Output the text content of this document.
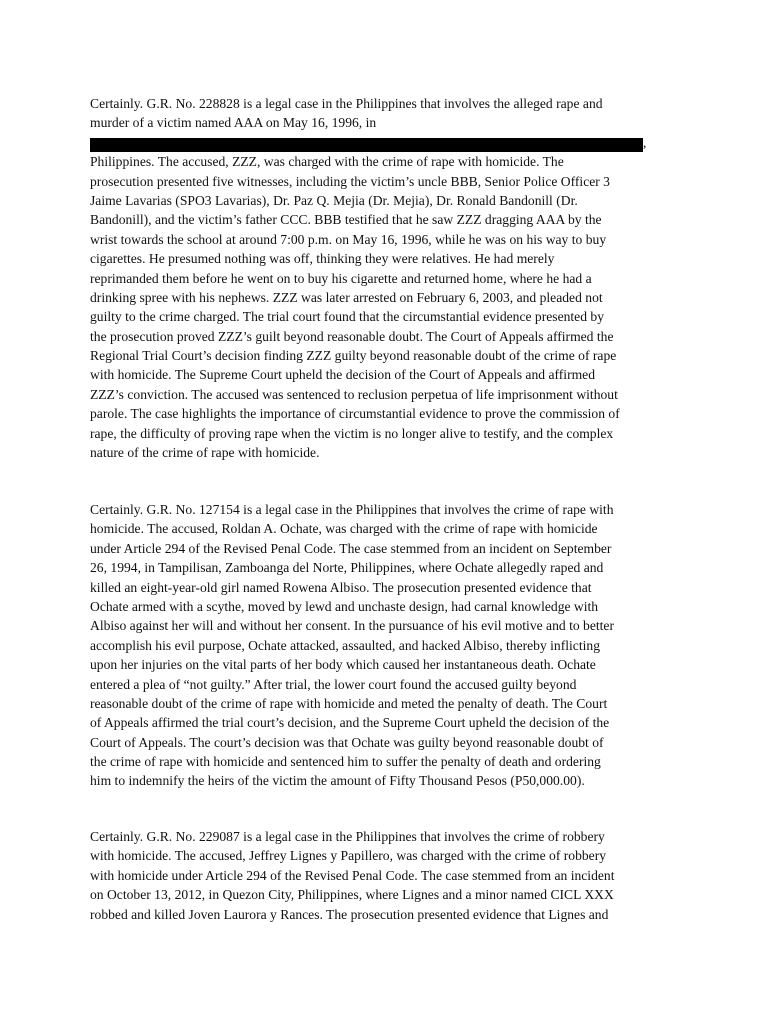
Certainly. G.R. No. 228828 is a legal case in the Philippines that involves the alleged rape and
murder of a victim named AAA on May 16, 1996, in
,
Philippines. The accused, ZZZ, was charged with the crime of rape with homicide. The
prosecution presented five witnesses, including the victim’s uncle BBB, Senior Police Officer 3
Jaime Lavarias (SPO3 Lavarias), Dr. Paz Q. Mejia (Dr. Mejia), Dr. Ronald Bandonill (Dr.
Bandonill), and the victim’s father CCC. BBB testified that he saw ZZZ dragging AAA by the
wrist towards the school at around 7:00 p.m. on May 16, 1996, while he was on his way to buy
cigarettes. He presumed nothing was off, thinking they were relatives. He had merely
reprimanded them before he went on to buy his cigarette and returned home, where he had a
drinking spree with his nephews. ZZZ was later arrested on February 6, 2003, and pleaded not
guilty to the crime charged. The trial court found that the circumstantial evidence presented by
the prosecution proved ZZZ’s guilt beyond reasonable doubt. The Court of Appeals affirmed the
Regional Trial Court’s decision finding ZZZ guilty beyond reasonable doubt of the crime of rape
with homicide. The Supreme Court upheld the decision of the Court of Appeals and affirmed
ZZZ’s conviction. The accused was sentenced to reclusion perpetua of life imprisonment without
parole. The case highlights the importance of circumstantial evidence to prove the commission of
rape, the difficulty of proving rape when the victim is no longer alive to testify, and the complex
nature of the crime of rape with homicide.

Certainly. G.R. No. 127154 is a legal case in the Philippines that involves the crime of rape with
homicide. The accused, Roldan A. Ochate, was charged with the crime of rape with homicide
under Article 294 of the Revised Penal Code. The case stemmed from an incident on September
26, 1994, in Tampilisan, Zamboanga del Norte, Philippines, where Ochate allegedly raped and
killed an eight-year-old girl named Rowena Albiso. The prosecution presented evidence that
Ochate armed with a scythe, moved by lewd and unchaste design, had carnal knowledge with
Albiso against her will and without her consent. In the pursuance of his evil motive and to better
accomplish his evil purpose, Ochate attacked, assaulted, and hacked Albiso, thereby inflicting
upon her injuries on the vital parts of her body which caused her instantaneous death. Ochate
entered a plea of “not guilty.” After trial, the lower court found the accused guilty beyond
reasonable doubt of the crime of rape with homicide and meted the penalty of death. The Court
of Appeals affirmed the trial court’s decision, and the Supreme Court upheld the decision of the
Court of Appeals. The court’s decision was that Ochate was guilty beyond reasonable doubt of
the crime of rape with homicide and sentenced him to suffer the penalty of death and ordering
him to indemnify the heirs of the victim the amount of Fifty Thousand Pesos (P50,000.00).

Certainly. G.R. No. 229087 is a legal case in the Philippines that involves the crime of robbery
with homicide. The accused, Jeffrey Lignes y Papillero, was charged with the crime of robbery
with homicide under Article 294 of the Revised Penal Code. The case stemmed from an incident
on October 13, 2012, in Quezon City, Philippines, where Lignes and a minor named CICL XXX
robbed and killed Joven Laurora y Rances. The prosecution presented evidence that Lignes and
